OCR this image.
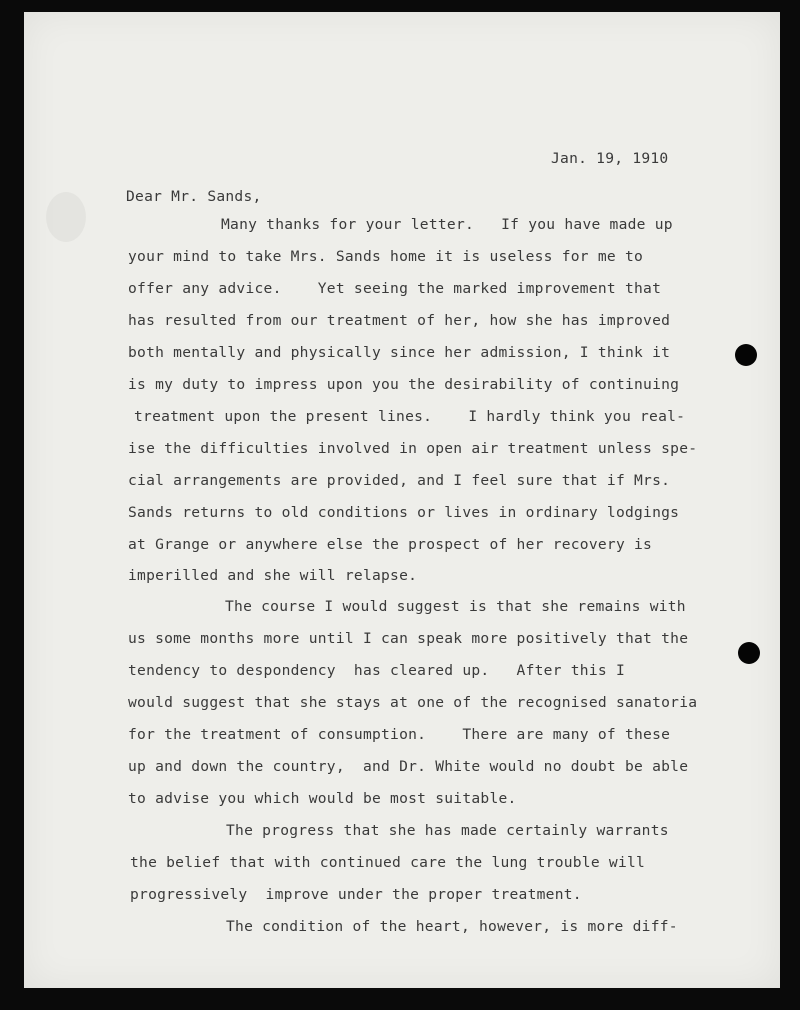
Jan. 19, 1910
Dear Mr. Sands,
Many thanks for your letter.   If you have made up
your mind to take Mrs. Sands home it is useless for me to
offer any advice.    Yet seeing the marked improvement that
has resulted from our treatment of her, how she has improved
both mentally and physically since her admission, I think it
is my duty to impress upon you the desirability of continuing
treatment upon the present lines.    I hardly think you real-
ise the difficulties involved in open air treatment unless spe-
cial arrangements are provided, and I feel sure that if Mrs.
Sands returns to old conditions or lives in ordinary lodgings
at Grange or anywhere else the prospect of her recovery is
imperilled and she will relapse.
The course I would suggest is that she remains with
us some months more until I can speak more positively that the
tendency to despondency  has cleared up.   After this I
would suggest that she stays at one of the recognised sanatoria
for the treatment of consumption.    There are many of these
up and down the country,  and Dr. White would no doubt be able
to advise you which would be most suitable.
The progress that she has made certainly warrants
the belief that with continued care the lung trouble will
progressively  improve under the proper treatment.
The condition of the heart, however, is more diff-
